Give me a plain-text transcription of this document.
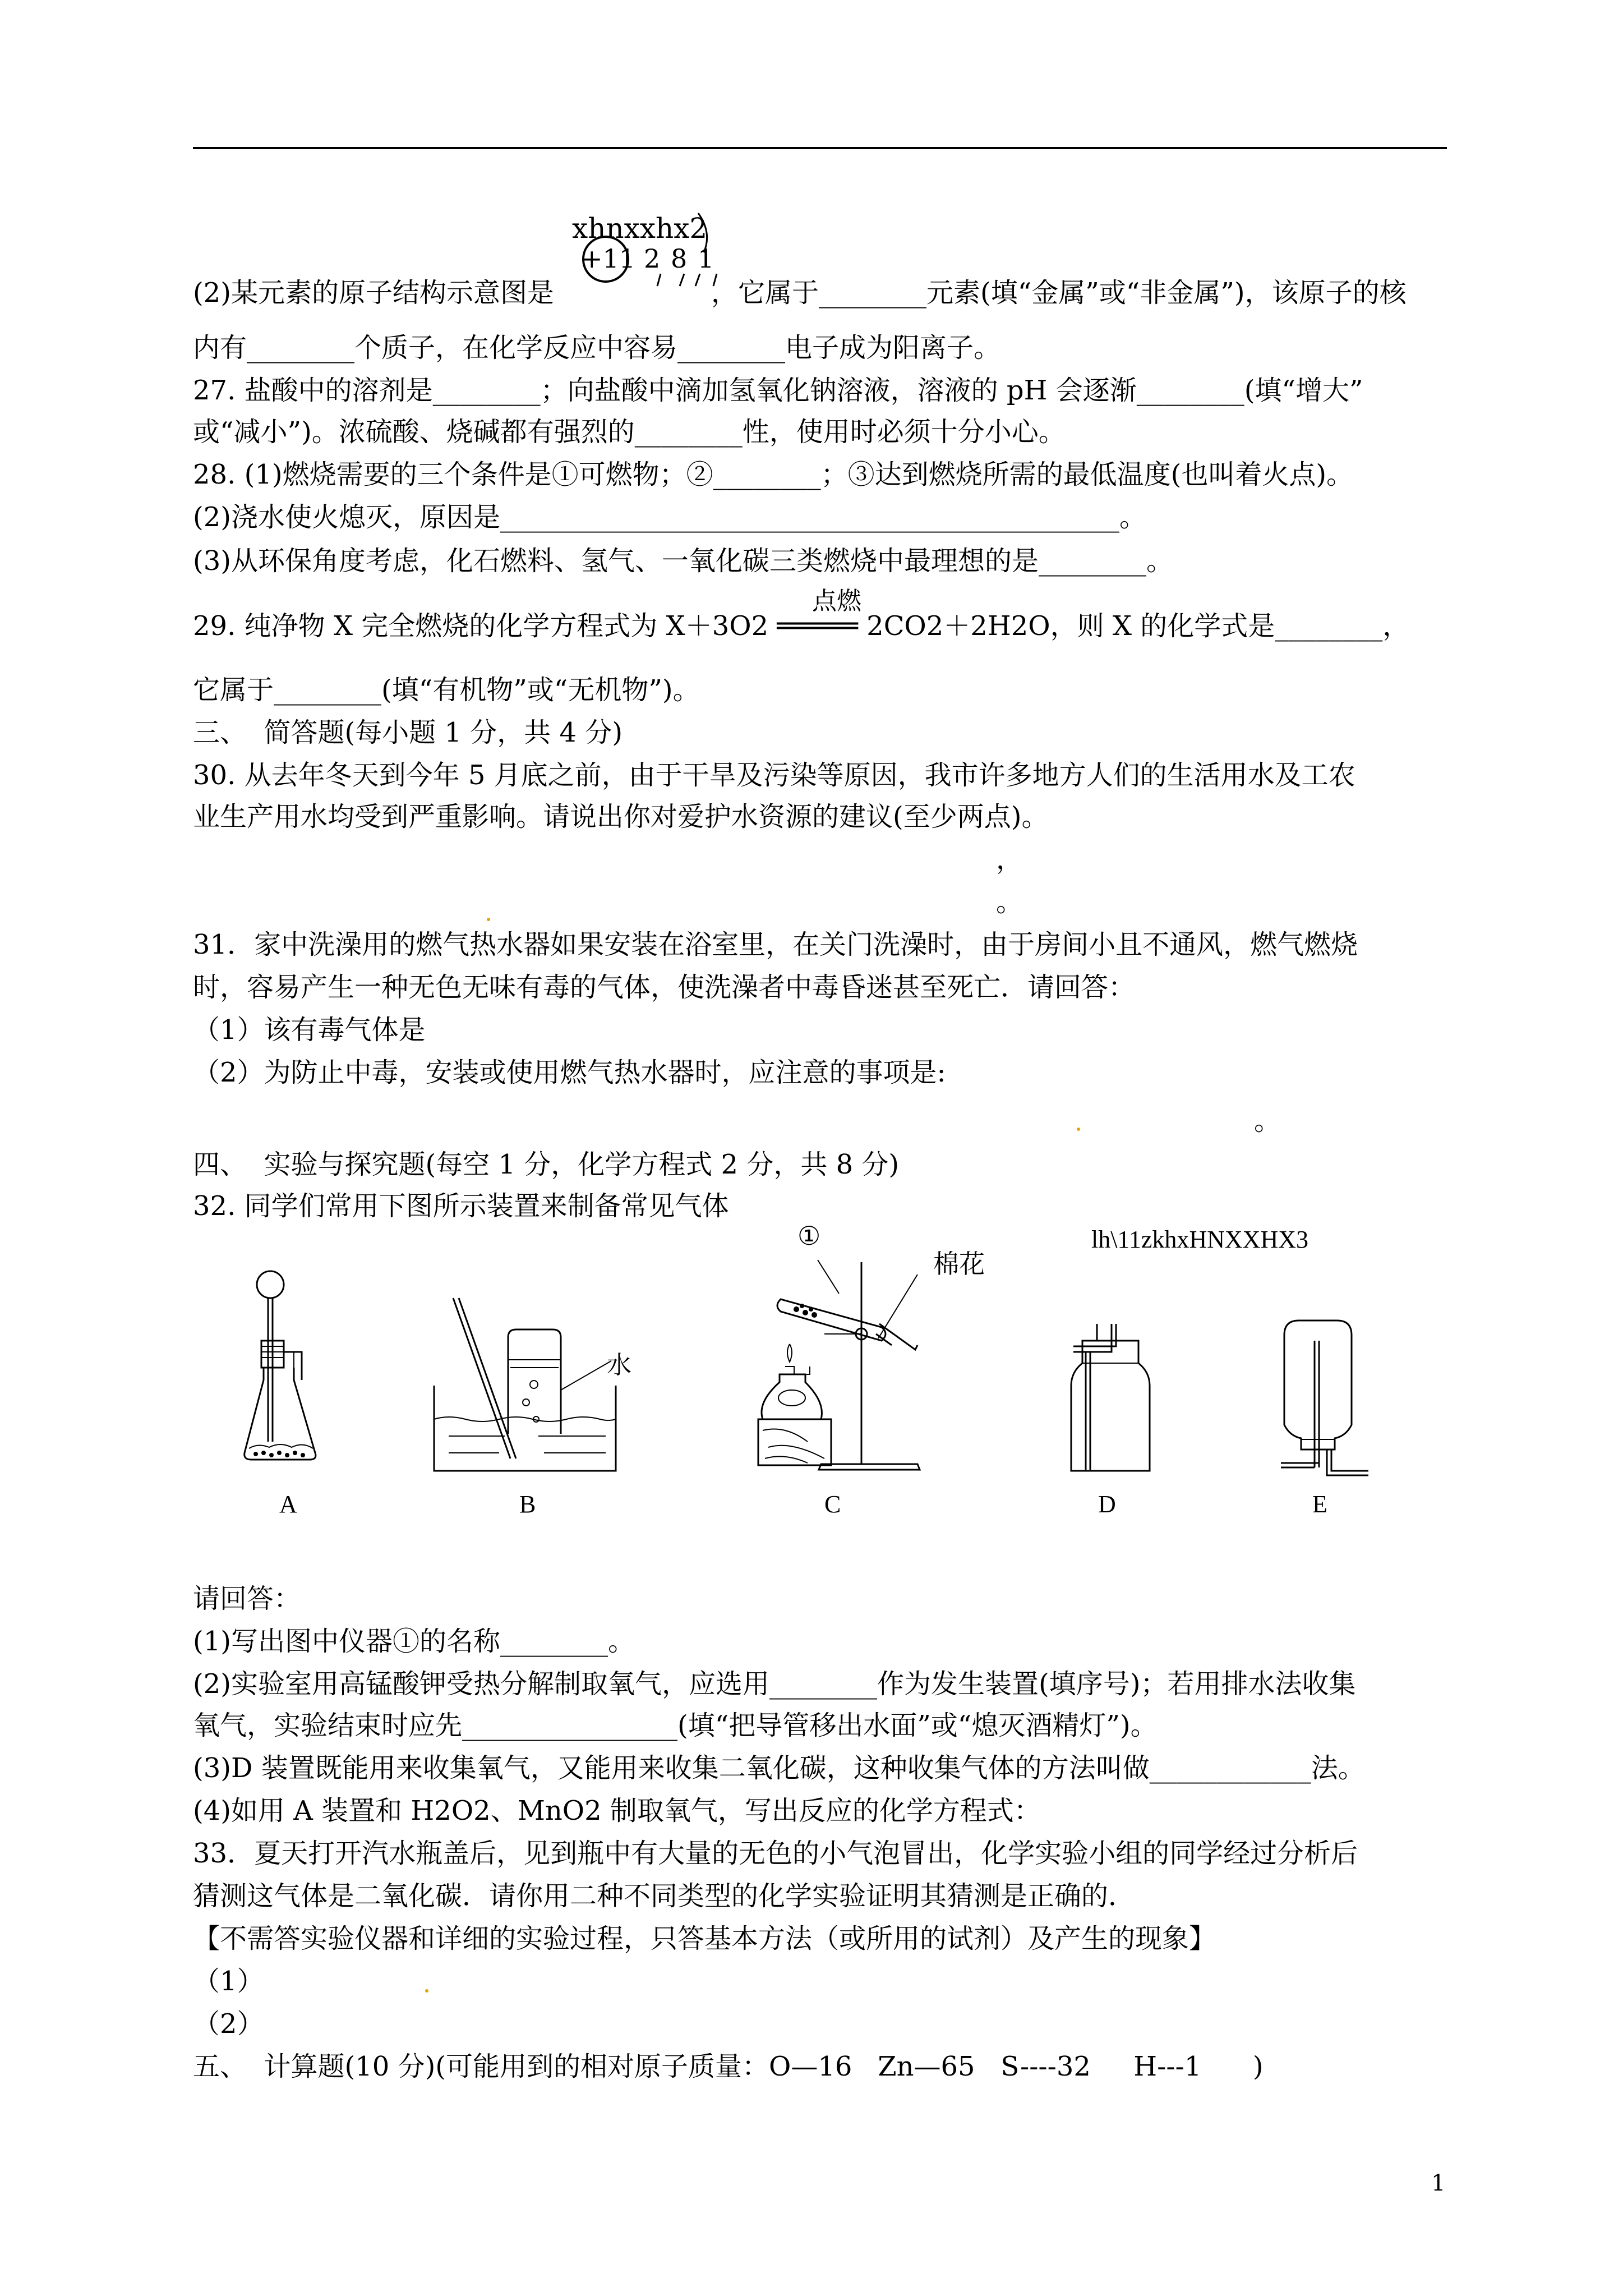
xhnxxhx2
+11 2 8 1
(2)某元素的原子结构示意图是	，它属于________元素(填“金属”或“非金属”)，该原子的核
内有________个质子，在化学反应中容易________电子成为阳离子。
27. 盐酸中的溶剂是________；向盐酸中滴加氢氧化钠溶液，溶液的 pH 会逐渐________(填“增大”
或“减小”)。浓硫酸、烧碱都有强烈的________性，使用时必须十分小心。
28. (1)燃烧需要的三个条件是①可燃物；②________；③达到燃烧所需的最低温度(也叫着火点)。
(2)浇水使火熄灭，原因是______________________________________________。
(3)从环保角度考虑，化石燃料、氢气、一氧化碳三类燃烧中最理想的是________。
点燃
29. 纯净物 X 完全燃烧的化学方程式为 X＋3O2 ═════ 2CO2＋2H2O，则 X 的化学式是________，
它属于________(填“有机物”或“无机物”)。
三、  简答题(每小题 1 分，共 4 分)
30. 从去年冬天到今年 5 月底之前，由于干旱及污染等原因，我市许多地方人们的生活用水及工农
业生产用水均受到严重影响。请说出你对爱护水资源的建议(至少两点)。
，
。
31．家中洗澡用的燃气热水器如果安装在浴室里，在关门洗澡时，由于房间小且不通风，燃气燃烧
时，容易产生一种无色无味有毒的气体，使洗澡者中毒昏迷甚至死亡．请回答：
（1）该有毒气体是
（2）为防止中毒，安装或使用燃气热水器时，应注意的事项是:
。
四、  实验与探究题(每空 1 分，化学方程式 2 分，共 8 分)
32. 同学们常用下图所示装置来制备常见气体
lh\11zkhxHNXXHX3
①
棉花
水
A	B	C	D	E
请回答：
(1)写出图中仪器①的名称________。
(2)实验室用高锰酸钾受热分解制取氧气，应选用________作为发生装置(填序号)；若用排水法收集
氧气，实验结束时应先________________(填“把导管移出水面”或“熄灭酒精灯”)。
(3)D 装置既能用来收集氧气，又能用来收集二氧化碳，这种收集气体的方法叫做____________法。
(4)如用 A 装置和 H2O2、MnO2 制取氧气，写出反应的化学方程式：
33．夏天打开汽水瓶盖后，见到瓶中有大量的无色的小气泡冒出，化学实验小组的同学经过分析后
猜测这气体是二氧化碳．请你用二种不同类型的化学实验证明其猜测是正确的．
【不需答实验仪器和详细的实验过程，只答基本方法（或所用的试剂）及产生的现象】
（1）
（2）
五、  计算题(10 分)(可能用到的相对原子质量：O—16   Zn—65   S----32     H---1      )
1
